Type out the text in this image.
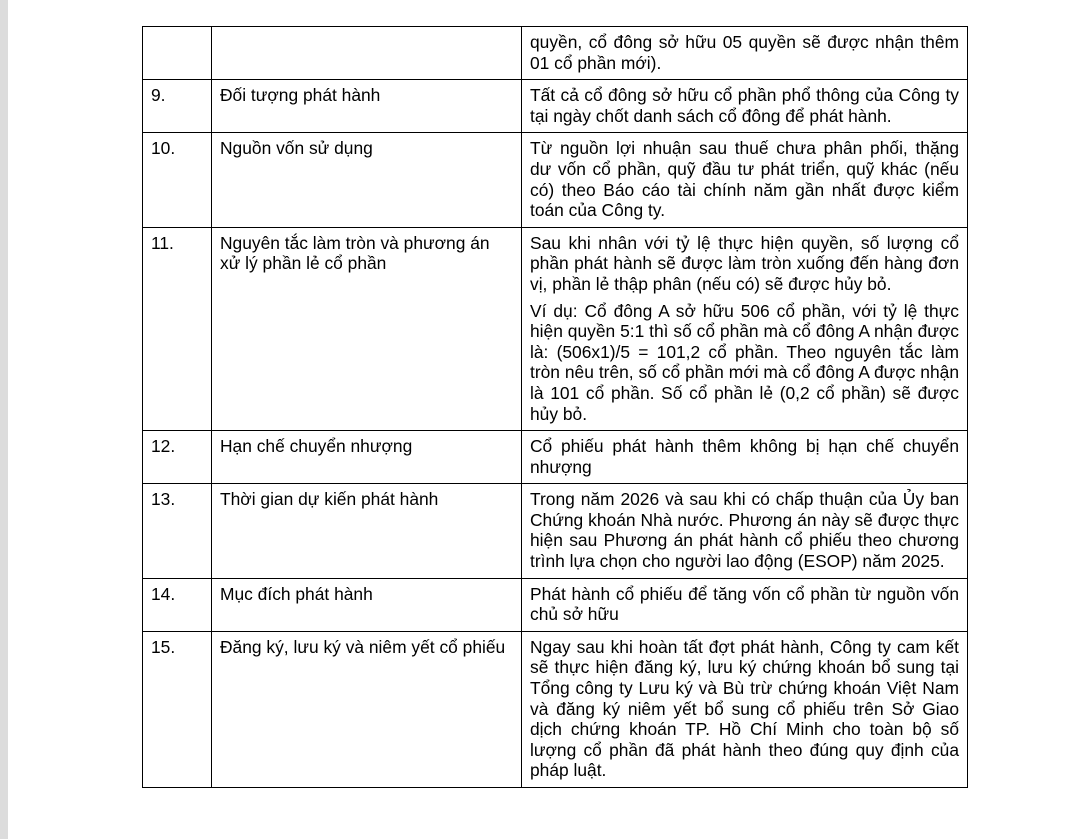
		quyền, cổ đông sở hữu 05 quyền sẽ được nhận thêm 01 cổ phần mới).

9.	Đối tượng phát hành	Tất cả cổ đông sở hữu cổ phần phổ thông của Công ty tại ngày chốt danh sách cổ đông để phát hành.

10.	Nguồn vốn sử dụng	Từ nguồn lợi nhuận sau thuế chưa phân phối, thặng dư vốn cổ phần, quỹ đầu tư phát triển, quỹ khác (nếu có) theo Báo cáo tài chính năm gần nhất được kiểm toán của Công ty.

11.	Nguyên tắc làm tròn và phương án xử lý phần lẻ cổ phần	Sau khi nhân với tỷ lệ thực hiện quyền, số lượng cổ phần phát hành sẽ được làm tròn xuống đến hàng đơn vị, phần lẻ thập phân (nếu có) sẽ được hủy bỏ.

Ví dụ: Cổ đông A sở hữu 506 cổ phần, với tỷ lệ thực hiện quyền 5:1 thì số cổ phần mà cổ đông A nhận được là: (506x1)/5 = 101,2 cổ phần. Theo nguyên tắc làm tròn nêu trên, số cổ phần mới mà cổ đông A được nhận là 101 cổ phần. Số cổ phần lẻ (0,2 cổ phần) sẽ được hủy bỏ.

12.	Hạn chế chuyển nhượng	Cổ phiếu phát hành thêm không bị hạn chế chuyển nhượng

13.	Thời gian dự kiến phát hành	Trong năm 2026 và sau khi có chấp thuận của Ủy ban Chứng khoán Nhà nước. Phương án này sẽ được thực hiện sau Phương án phát hành cổ phiếu theo chương trình lựa chọn cho người lao động (ESOP) năm 2025.

14.	Mục đích phát hành	Phát hành cổ phiếu để tăng vốn cổ phần từ nguồn vốn chủ sở hữu

15.	Đăng ký, lưu ký và niêm yết cổ phiếu	Ngay sau khi hoàn tất đợt phát hành, Công ty cam kết sẽ thực hiện đăng ký, lưu ký chứng khoán bổ sung tại Tổng công ty Lưu ký và Bù trừ chứng khoán Việt Nam và đăng ký niêm yết bổ sung cổ phiếu trên Sở Giao dịch chứng khoán TP. Hồ Chí Minh cho toàn bộ số lượng cổ phần đã phát hành theo đúng quy định của pháp luật.
